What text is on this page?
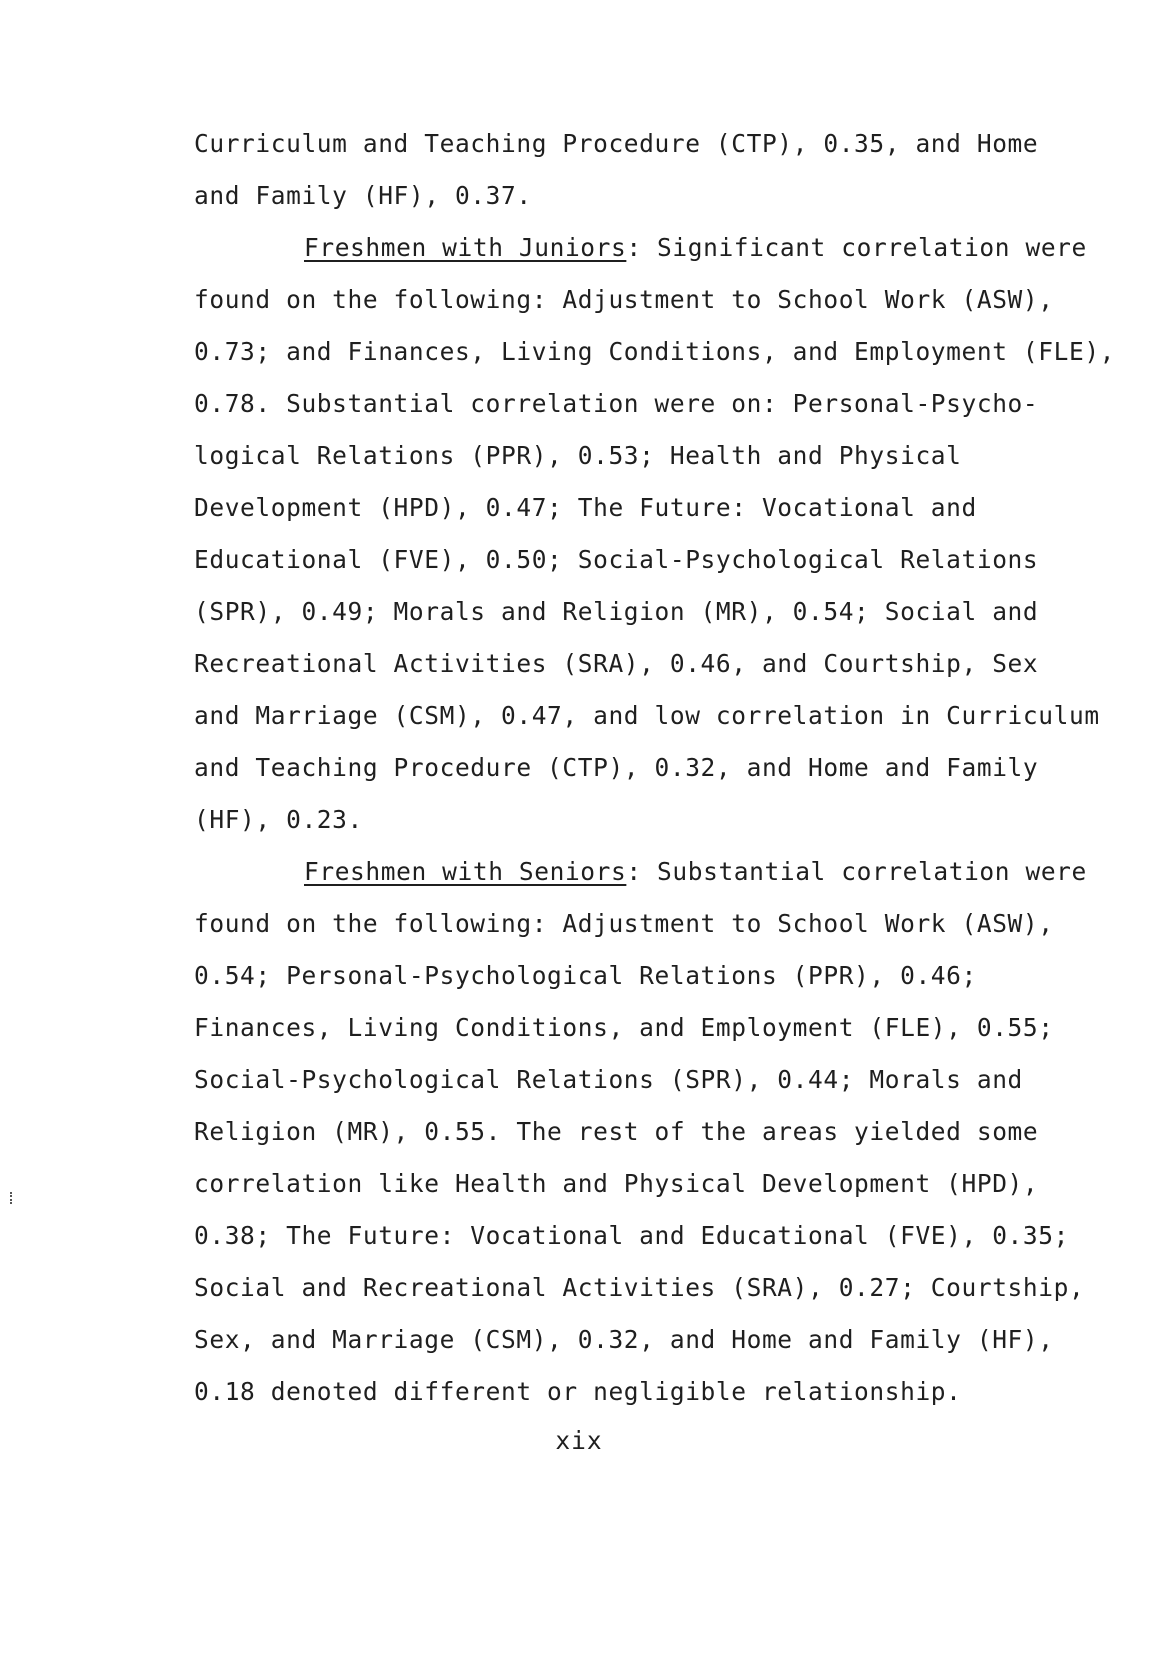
Curriculum and Teaching Procedure (CTP), 0.35, and Home
and Family (HF), 0.37.
Freshmen with Juniors: Significant correlation were
found on the following: Adjustment to School Work (ASW),
0.73; and Finances, Living Conditions, and Employment (FLE),
0.78. Substantial correlation were on: Personal-Psycho-
logical Relations (PPR), 0.53; Health and Physical
Development (HPD), 0.47; The Future: Vocational and
Educational (FVE), 0.50; Social-Psychological Relations
(SPR), 0.49; Morals and Religion (MR), 0.54; Social and
Recreational Activities (SRA), 0.46, and Courtship, Sex
and Marriage (CSM), 0.47, and low correlation in Curriculum
and Teaching Procedure (CTP), 0.32, and Home and Family
(HF), 0.23.
Freshmen with Seniors: Substantial correlation were
found on the following: Adjustment to School Work (ASW),
0.54; Personal-Psychological Relations (PPR), 0.46;
Finances, Living Conditions, and Employment (FLE), 0.55;
Social-Psychological Relations (SPR), 0.44; Morals and
Religion (MR), 0.55. The rest of the areas yielded some
correlation like Health and Physical Development (HPD),
0.38; The Future: Vocational and Educational (FVE), 0.35;
Social and Recreational Activities (SRA), 0.27; Courtship,
Sex, and Marriage (CSM), 0.32, and Home and Family (HF),
0.18 denoted different or negligible relationship.
xix
